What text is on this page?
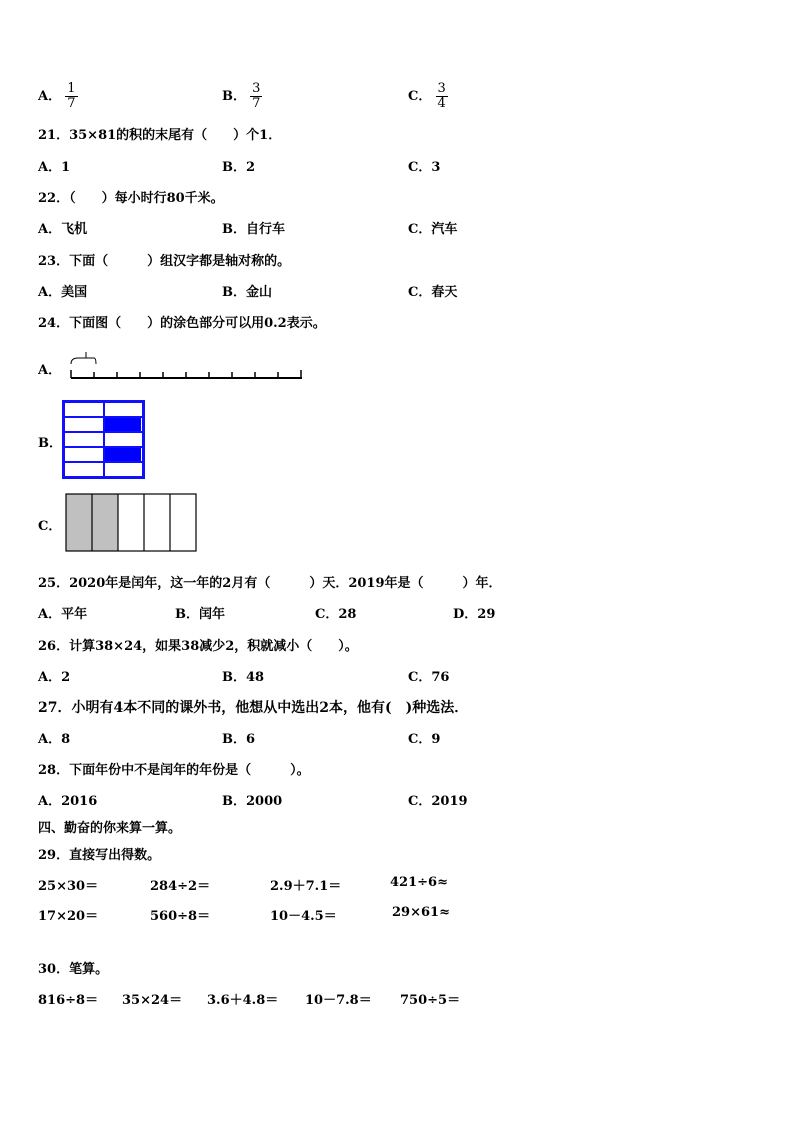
A． $\frac{1}{7}$	B． $\frac{3}{7}$	C． $\frac{3}{4}$
21．35×81的积的末尾有（　　）个1．
A．1	B．2	C．3
22．（　　）每小时行80千米。
A．飞机	B．自行车	C．汽车
23．下面（　　　）组汉字都是轴对称的。
A．美国	B．金山	C．春天
24．下面图（　　）的涂色部分可以用0.2表示。
A．
B．
C．
25．2020年是闰年，这一年的2月有（　　　）天．2019年是（　　　）年．
A．平年	B．闰年	C．28	D．29
26．计算38×24，如果38减少2，积就减小（　　）。
A．2	B．48	C．76
27．小明有4本不同的课外书，他想从中选出2本，他有(　)种选法．
A．8	B．6	C．9
28．下面年份中不是闰年的年份是（　　　）。
A．2016	B．2000	C．2019
四、勤奋的你来算一算。
29．直接写出得数。
25×30＝	284÷2＝	2.9＋7.1＝	421÷6≈
17×20＝	560÷8＝	10－4.5＝	29×61≈
30．笔算。
816÷8＝ 35×24＝ 3.6＋4.8＝ 10－7.8＝ 750÷5＝
